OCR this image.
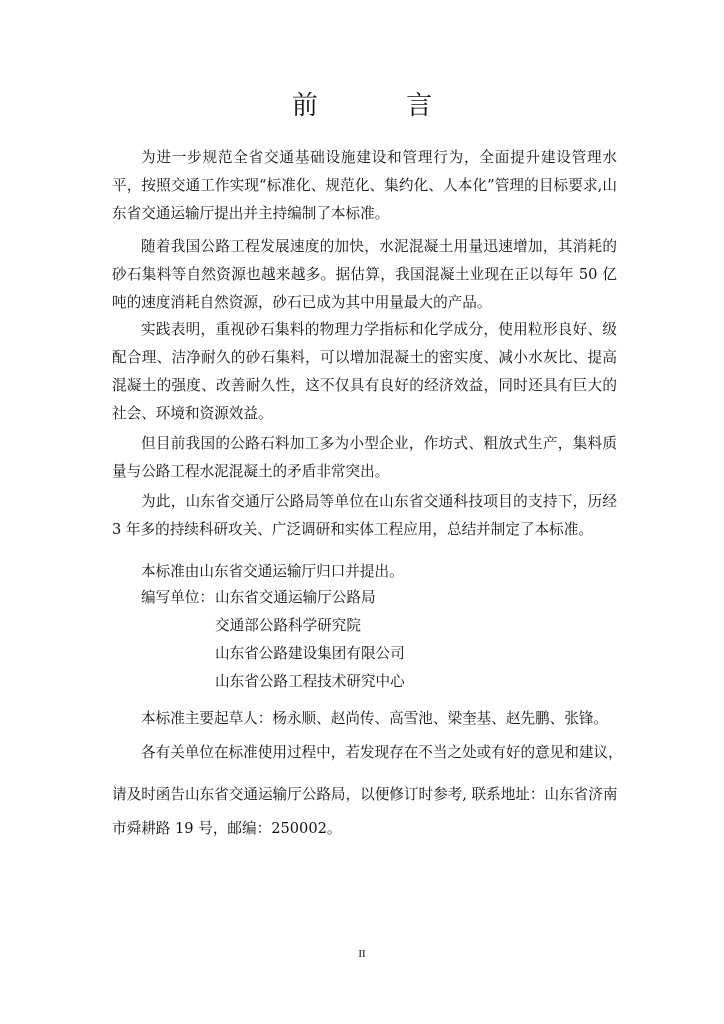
前 言

为进一步规范全省交通基础设施建设和管理行为，全面提升建设管理水平，按照交通工作实现“标准化、规范化、集约化、人本化”管理的目标要求,山东省交通运输厅提出并主持编制了本标准。

随着我国公路工程发展速度的加快，水泥混凝土用量迅速增加，其消耗的砂石集料等自然资源也越来越多。据估算，我国混凝土业现在正以每年 50 亿吨的速度消耗自然资源，砂石已成为其中用量最大的产品。

实践表明，重视砂石集料的物理力学指标和化学成分，使用粒形良好、级配合理、洁净耐久的砂石集料，可以增加混凝土的密实度、减小水灰比、提高混凝土的强度、改善耐久性，这不仅具有良好的经济效益，同时还具有巨大的社会、环境和资源效益。

但目前我国的公路石料加工多为小型企业，作坊式、粗放式生产，集料质量与公路工程水泥混凝土的矛盾非常突出。

为此，山东省交通厅公路局等单位在山东省交通科技项目的支持下，历经 3 年多的持续科研攻关、广泛调研和实体工程应用，总结并制定了本标准。

本标准由山东省交通运输厅归口并提出。

编写单位： 山东省交通运输厅公路局

交通部公路科学研究院

山东省公路建设集团有限公司

山东省公路工程技术研究中心

本标准主要起草人：杨永顺、赵尚传、高雪池、梁奎基、赵先鹏、张锋。

各有关单位在标准使用过程中，若发现存在不当之处或有好的意见和建议，

请及时函告山东省交通运输厅公路局，以便修订时参考, 联系地址：山东省济南

市舜耕路 19 号，邮编：250002。

II
